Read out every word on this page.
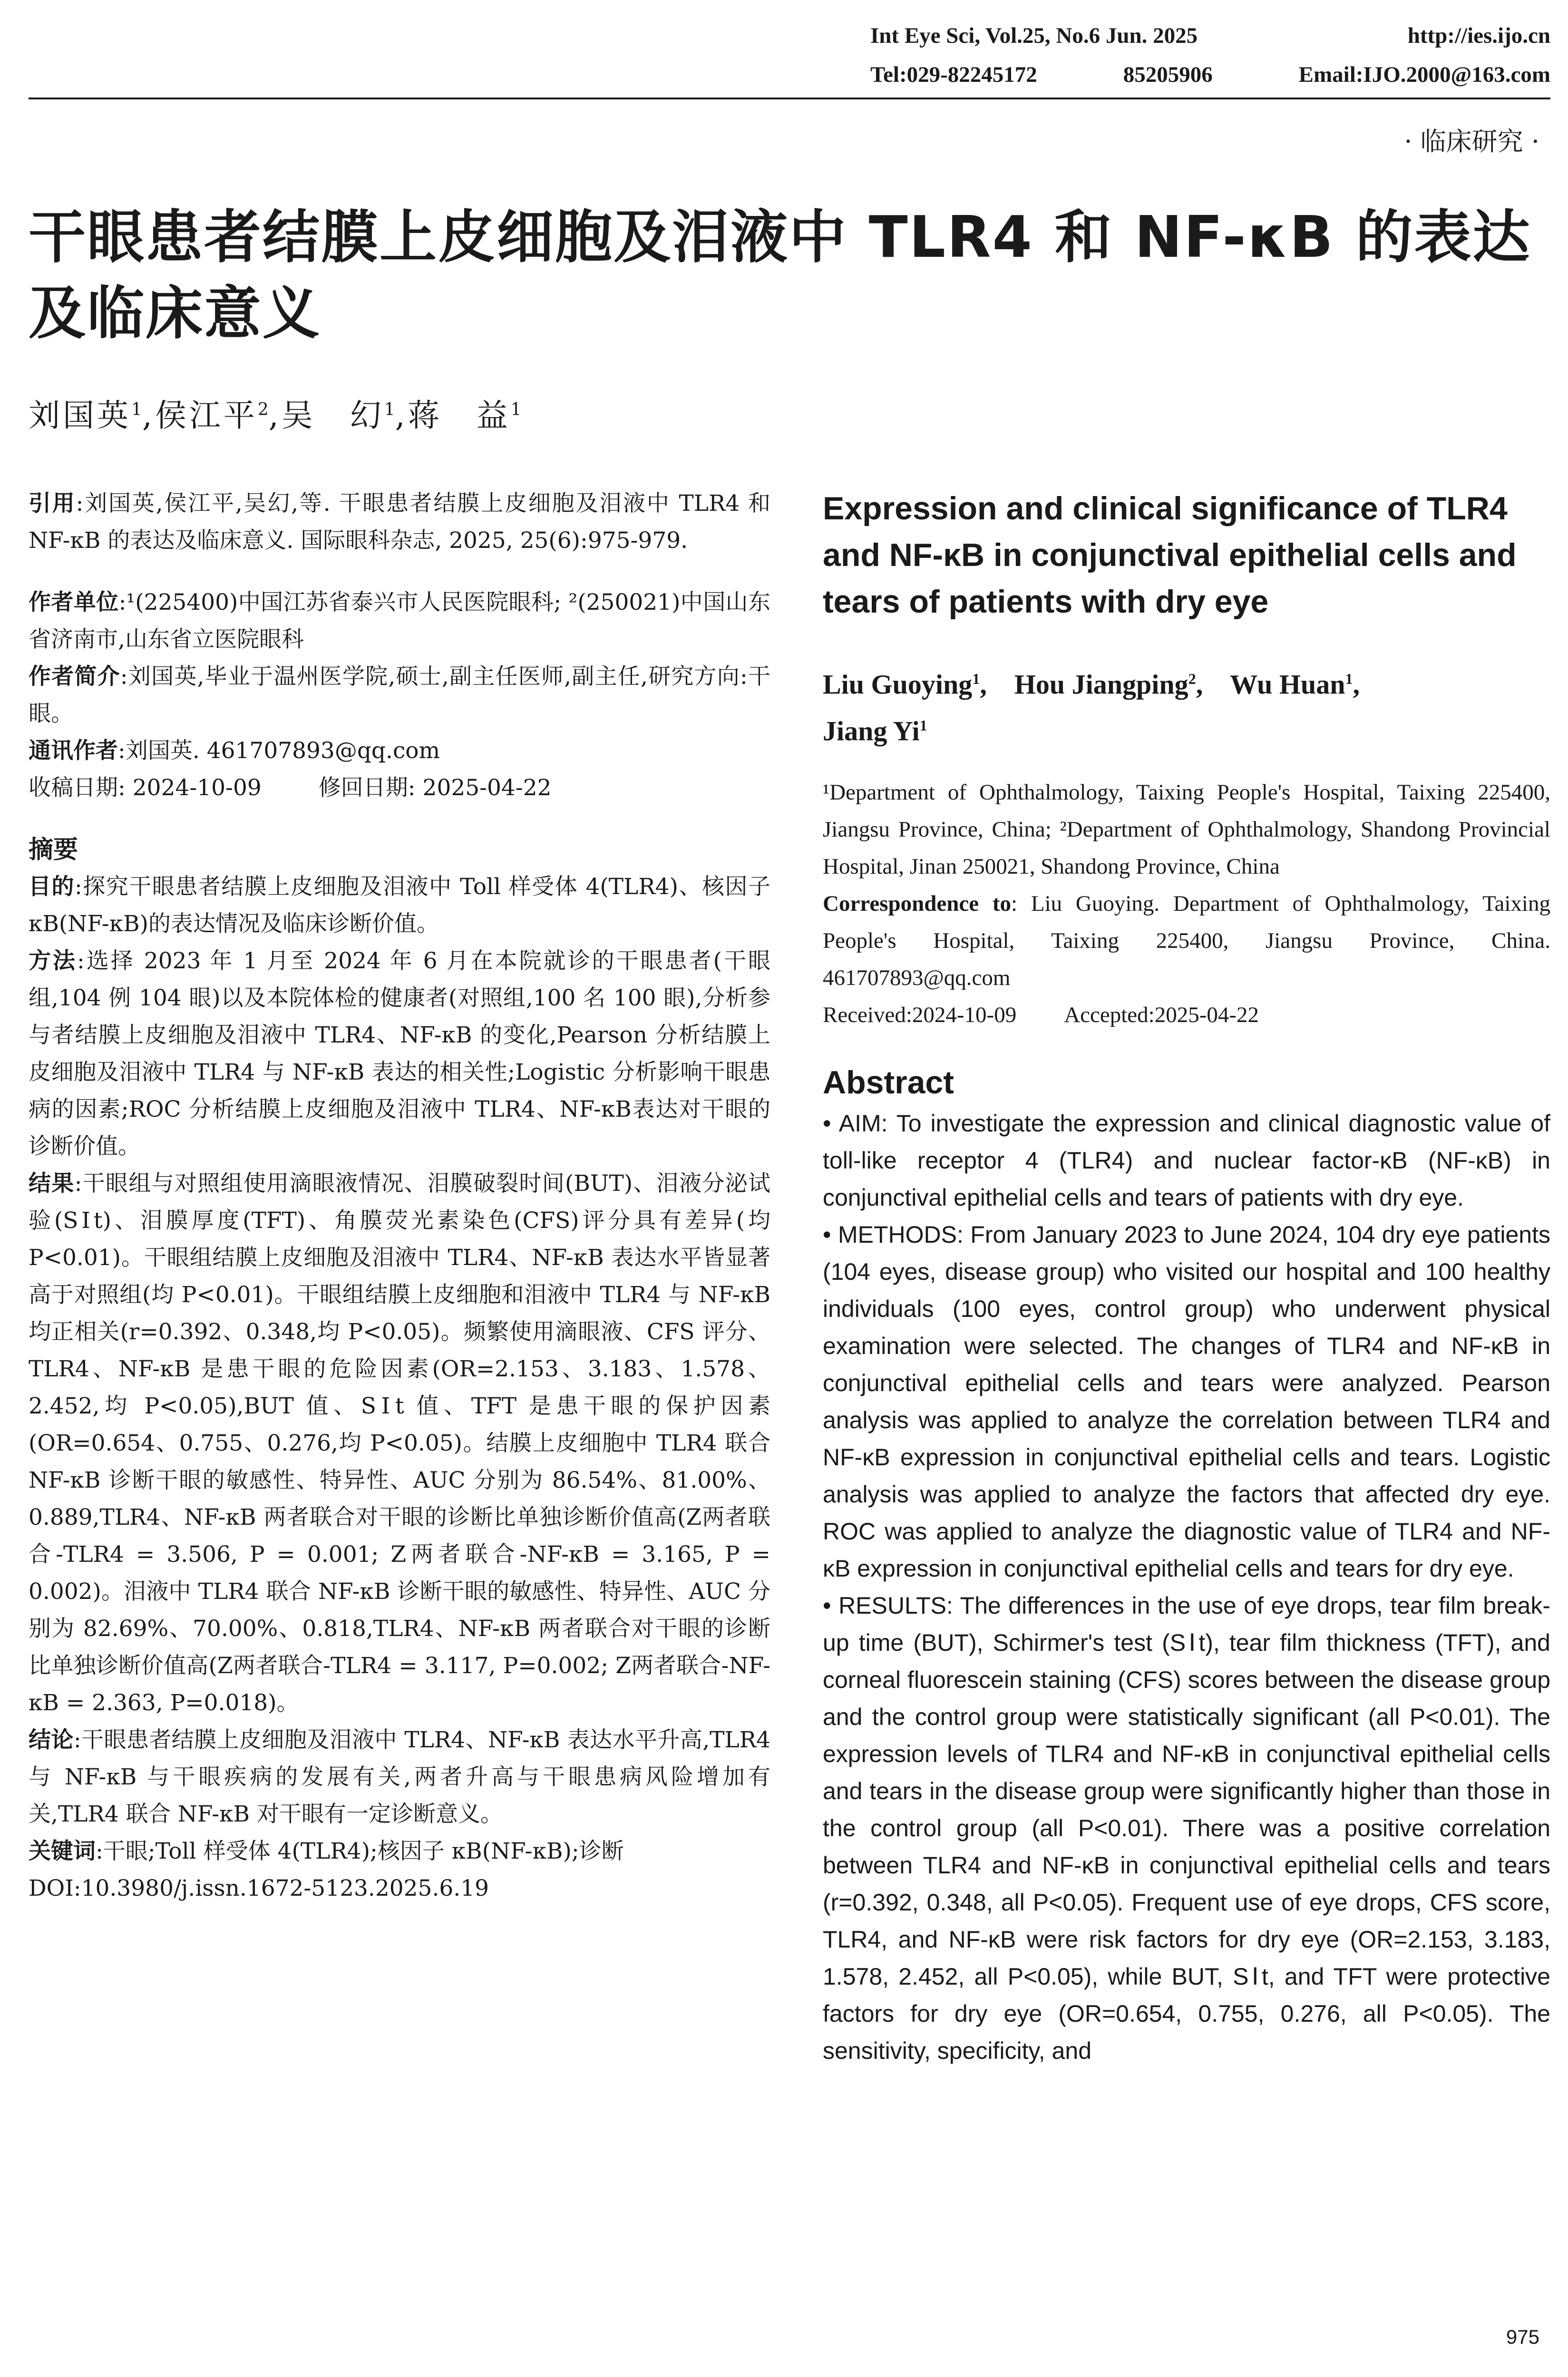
Int Eye Sci, Vol.25, No.6 Jun. 2025	http://ies.ijo.cn
Tel:029-82245172	85205906	Email:IJO.2000@163.com
· 临床研究 ·
干眼患者结膜上皮细胞及泪液中 TLR4 和 NF-κB 的表达及临床意义
刘国英$^1$,侯江平$^2$,吴　幻$^1$,蒋　益$^1$

引用:刘国英,侯江平,吴幻,等. 干眼患者结膜上皮细胞及泪液中 TLR4 和 NF-κB 的表达及临床意义. 国际眼科杂志, 2025, 25(6):975-979.

作者单位:¹(225400)中国江苏省泰兴市人民医院眼科; ²(250021)中国山东省济南市,山东省立医院眼科

作者简介:刘国英,毕业于温州医学院,硕士,副主任医师,副主任,研究方向:干眼。

通讯作者:刘国英. 461707893@qq.com

收稿日期: 2024-10-09	修回日期: 2025-04-22

摘要

目的:探究干眼患者结膜上皮细胞及泪液中 Toll 样受体 4(TLR4)、核因子 κB(NF-κB)的表达情况及临床诊断价值。

方法:选择 2023 年 1 月至 2024 年 6 月在本院就诊的干眼患者(干眼组,104 例 104 眼)以及本院体检的健康者(对照组,100 名 100 眼),分析参与者结膜上皮细胞及泪液中 TLR4、NF-κB 的变化,Pearson 分析结膜上皮细胞及泪液中 TLR4 与 NF-κB 表达的相关性;Logistic 分析影响干眼患病的因素;ROC 分析结膜上皮细胞及泪液中 TLR4、NF-κB表达对干眼的诊断价值。

结果:干眼组与对照组使用滴眼液情况、泪膜破裂时间(BUT)、泪液分泌试验(SⅠt)、泪膜厚度(TFT)、角膜荧光素染色(CFS)评分具有差异(均 P<0.01)。干眼组结膜上皮细胞及泪液中 TLR4、NF-κB 表达水平皆显著高于对照组(均 P<0.01)。干眼组结膜上皮细胞和泪液中 TLR4 与 NF-κB 均正相关(r=0.392、0.348,均 P<0.05)。频繁使用滴眼液、CFS 评分、TLR4、NF-κB 是患干眼的危险因素(OR=2.153、3.183、1.578、2.452,均 P<0.05),BUT 值、SⅠt 值、TFT 是患干眼的保护因素(OR=0.654、0.755、0.276,均 P<0.05)。结膜上皮细胞中 TLR4 联合 NF-κB 诊断干眼的敏感性、特异性、AUC 分别为 86.54%、81.00%、0.889,TLR4、NF-κB 两者联合对干眼的诊断比单独诊断价值高(Z两者联合-TLR4 = 3.506, P = 0.001; Z两者联合-NF-κB = 3.165, P = 0.002)。泪液中 TLR4 联合 NF-κB 诊断干眼的敏感性、特异性、AUC 分别为 82.69%、70.00%、0.818,TLR4、NF-κB 两者联合对干眼的诊断比单独诊断价值高(Z两者联合-TLR4 = 3.117, P=0.002; Z两者联合-NF-κB = 2.363, P=0.018)。

结论:干眼患者结膜上皮细胞及泪液中 TLR4、NF-κB 表达水平升高,TLR4 与 NF-κB 与干眼疾病的发展有关,两者升高与干眼患病风险增加有关,TLR4 联合 NF-κB 对干眼有一定诊断意义。

关键词:干眼;Toll 样受体 4(TLR4);核因子 κB(NF-κB);诊断

DOI:10.3980/j.issn.1672-5123.2025.6.19

Expression and clinical significance of TLR4 and NF-κB in conjunctival epithelial cells and tears of patients with dry eye

Liu Guoying$^1$,    Hou Jiangping$^2$,    Wu Huan$^1$,
Jiang Yi$^1$

¹Department of Ophthalmology, Taixing People's Hospital, Taixing 225400, Jiangsu Province, China; ²Department of Ophthalmology, Shandong Provincial Hospital, Jinan 250021, Shandong Province, China

Correspondence to: Liu Guoying. Department of Ophthalmology, Taixing People's Hospital, Taixing 225400, Jiangsu Province, China. 461707893@qq.com

Received:2024-10-09 Accepted:2025-04-22

Abstract

• AIM: To investigate the expression and clinical diagnostic value of toll-like receptor 4 (TLR4) and nuclear factor-κB (NF-κB) in conjunctival epithelial cells and tears of patients with dry eye.

• METHODS: From January 2023 to June 2024, 104 dry eye patients (104 eyes, disease group) who visited our hospital and 100 healthy individuals (100 eyes, control group) who underwent physical examination were selected. The changes of TLR4 and NF-κB in conjunctival epithelial cells and tears were analyzed. Pearson analysis was applied to analyze the correlation between TLR4 and NF-κB expression in conjunctival epithelial cells and tears. Logistic analysis was applied to analyze the factors that affected dry eye. ROC was applied to analyze the diagnostic value of TLR4 and NF-κB expression in conjunctival epithelial cells and tears for dry eye.

• RESULTS: The differences in the use of eye drops, tear film break-up time (BUT), Schirmer's test (SⅠt), tear film thickness (TFT), and corneal fluorescein staining (CFS) scores between the disease group and the control group were statistically significant (all P<0.01). The expression levels of TLR4 and NF-κB in conjunctival epithelial cells and tears in the disease group were significantly higher than those in the control group (all P<0.01). There was a positive correlation between TLR4 and NF-κB in conjunctival epithelial cells and tears (r=0.392, 0.348, all P<0.05). Frequent use of eye drops, CFS score, TLR4, and NF-κB were risk factors for dry eye (OR=2.153, 3.183, 1.578, 2.452, all P<0.05), while BUT, SⅠt, and TFT were protective factors for dry eye (OR=0.654, 0.755, 0.276, all P<0.05). The sensitivity, specificity, and

975
